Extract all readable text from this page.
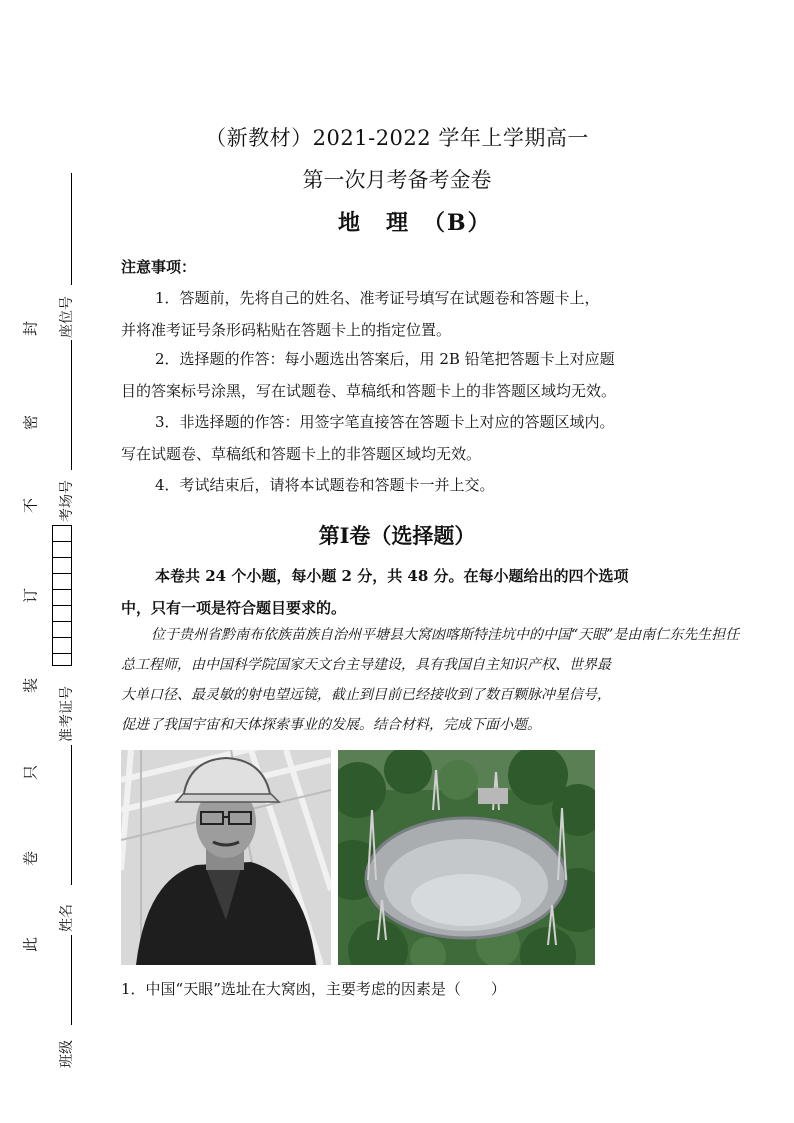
封
密
不
订
装
只
卷
此
座位号
考场号
准考证号
姓名
班级
（新教材）2021-2022 学年上学期高一
第一次月考备考金卷
地　理　（B）
注意事项：
1．答题前，先将自己的姓名、准考证号填写在试题卷和答题卡上，
并将准考证号条形码粘贴在答题卡上的指定位置。
2．选择题的作答：每小题选出答案后，用 2B 铅笔把答题卡上对应题
目的答案标号涂黑，写在试题卷、草稿纸和答题卡上的非答题区域均无效。
3．非选择题的作答：用签字笔直接答在答题卡上对应的答题区域内。
写在试题卷、草稿纸和答题卡上的非答题区域均无效。
4．考试结束后，请将本试题卷和答题卡一并上交。
第Ⅰ卷（选择题）
本卷共 24 个小题，每小题 2 分，共 48 分。在每小题给出的四个选项
中，只有一项是符合题目要求的。
位于贵州省黔南布依族苗族自治州平塘县大窝凼喀斯特洼坑中的中国“天眼”是由南仁东先生担任
总工程师，由中国科学院国家天文台主导建设，具有我国自主知识产权、世界最
大单口径、最灵敏的射电望远镜，截止到目前已经接收到了数百颗脉冲星信号，
促进了我国宇宙和天体探索事业的发展。结合材料，完成下面小题。
1．中国“天眼”选址在大窝凼，主要考虑的因素是（　　）
